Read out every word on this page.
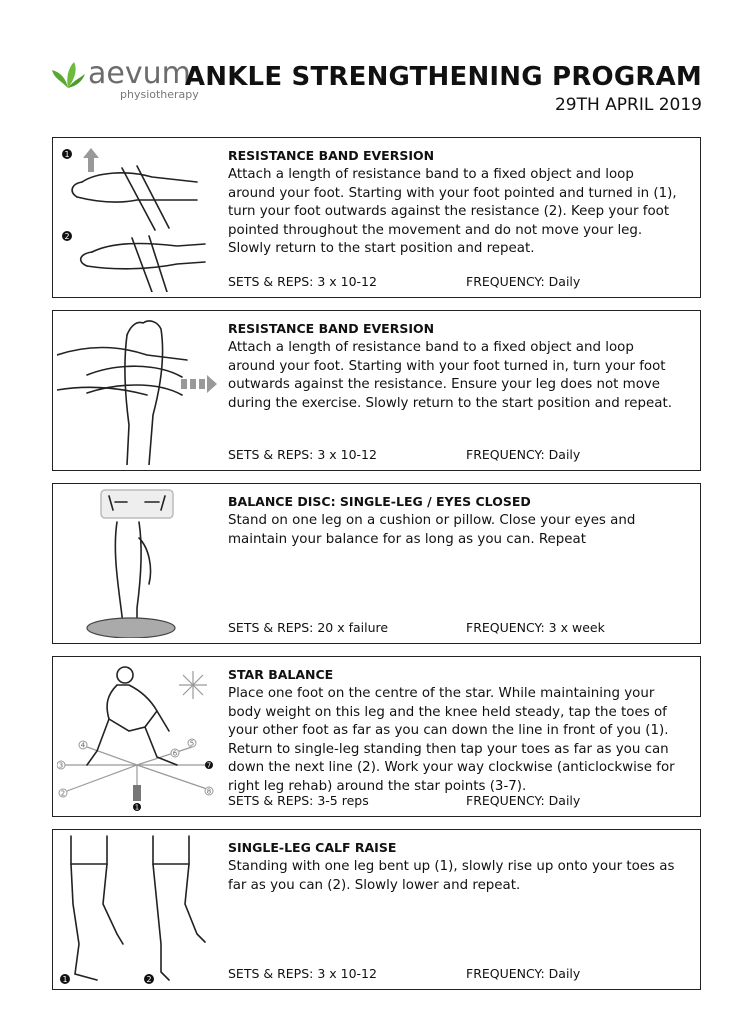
aevum
physiotherapy
ANKLE STRENGTHENING PROGRAM
29TH APRIL 2019
1
2
RESISTANCE BAND EVERSION
Attach a length of resistance band to a fixed object and loop around your foot. Starting with your foot pointed and turned in (1), turn your foot outwards against the resistance (2). Keep your foot pointed throughout the movement and do not move your leg. Slowly return to the start position and repeat.
SETS & REPS: 3 x 10-12	FREQUENCY: Daily
RESISTANCE BAND EVERSION
Attach a length of resistance band to a fixed object and loop around your foot. Starting with your foot turned in, turn your foot outwards against the resistance. Ensure your leg does not move during the exercise. Slowly return to the start position and repeat.
SETS & REPS: 3 x 10-12	FREQUENCY: Daily
BALANCE DISC: SINGLE-LEG / EYES CLOSED
Stand on one leg on a cushion or pillow. Close your eyes and maintain your balance for as long as you can. Repeat
SETS & REPS: 20 x failure	FREQUENCY: 3 x week
1
2
3
4	5
6
7
8
STAR BALANCE
Place one foot on the centre of the star. While maintaining your body weight on this leg and the knee held steady, tap the toes of your other foot as far as you can down the line in front of you (1). Return to single-leg standing then tap your toes as far as you can down the next line (2). Work your way clockwise (anticlockwise for right leg rehab) around the star points (3-7).
SETS & REPS: 3-5 reps	FREQUENCY: Daily
1	2
SINGLE-LEG CALF RAISE
Standing with one leg bent up (1), slowly rise up onto your toes as far as you can (2). Slowly lower and repeat.
SETS & REPS: 3 x 10-12	FREQUENCY: Daily
